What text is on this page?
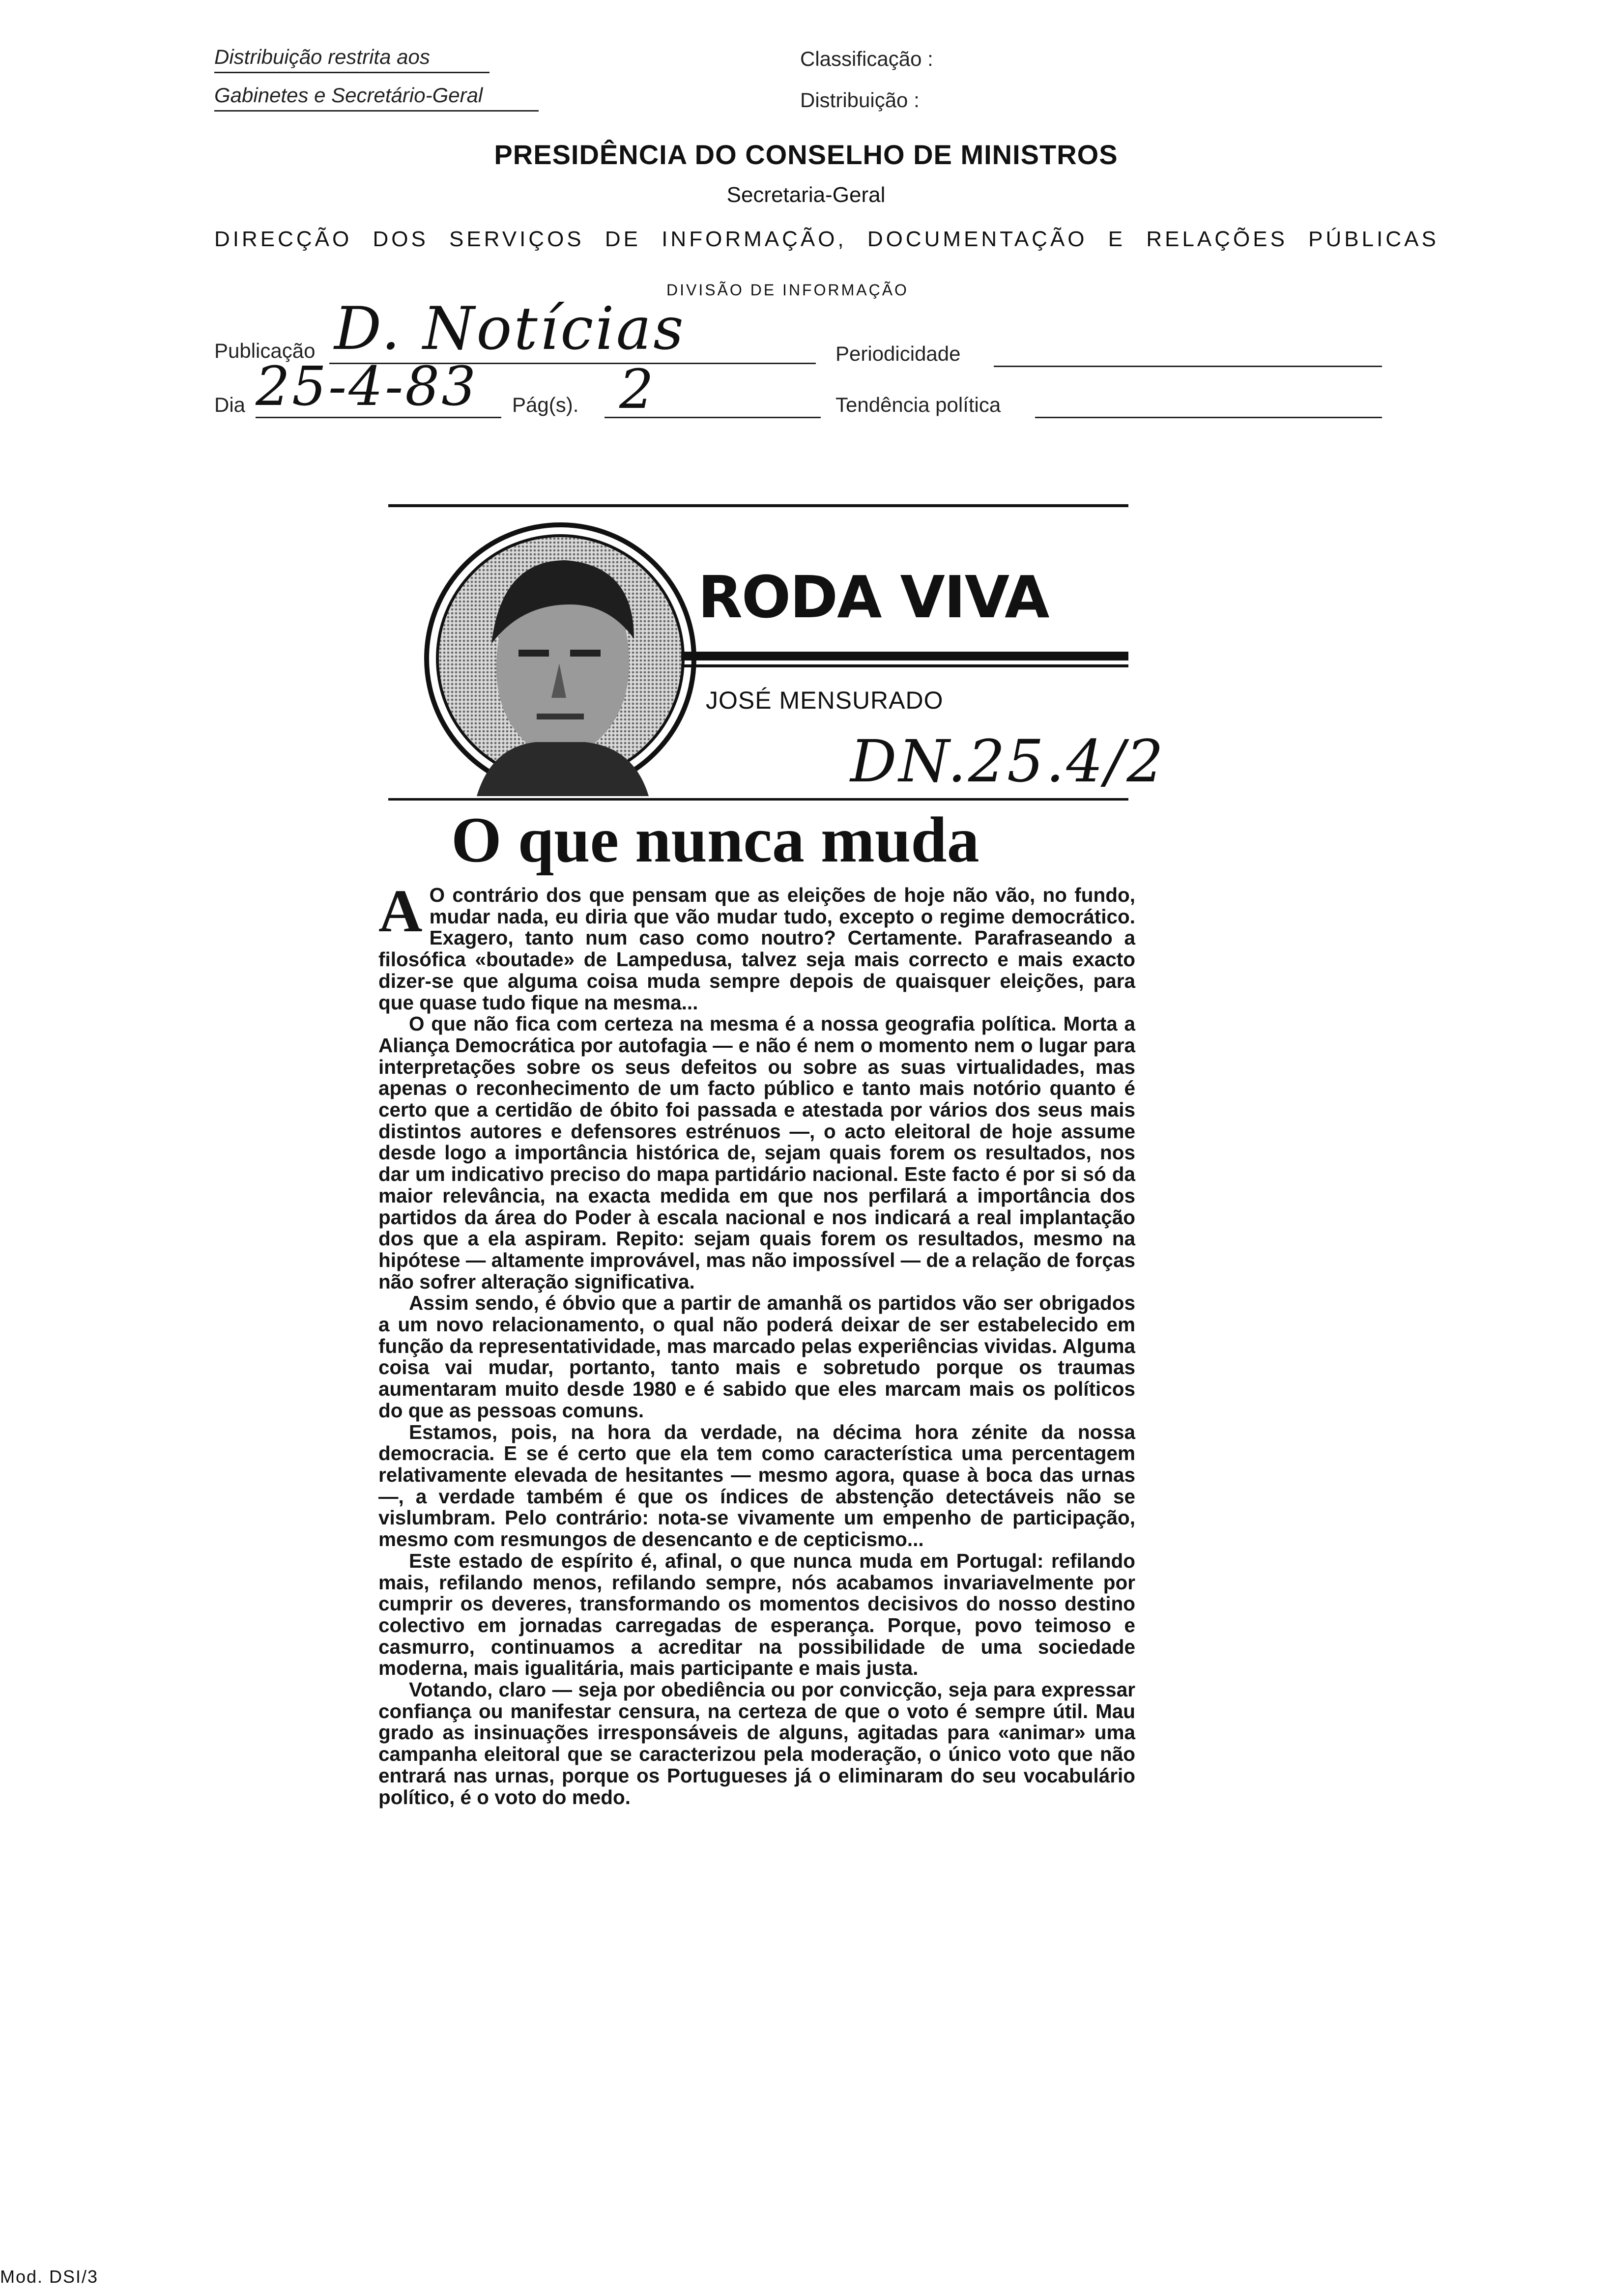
Distribuição restrita aos
Gabinetes e Secretário-Geral
Classificação :
Distribuição :
PRESIDÊNCIA DO CONSELHO DE MINISTROS
Secretaria-Geral
DIRECÇÃO DOS SERVIÇOS DE INFORMAÇÃO, DOCUMENTAÇÃO E RELAÇÕES PÚBLICAS
DIVISÃO DE INFORMAÇÃO
Publicação D. Notícias	Periodicidade
Dia 25-4-83 Pág(s). 2	Tendência política
RODA VIVA
JOSÉ MENSURADO
DN.25.4/2
O que nunca muda

A O contrário dos que pensam que as eleições de hoje não vão, no fundo, mudar nada, eu diria que vão mudar tudo, excepto o regime democrático. Exagero, tanto num caso como noutro? Certamente. Parafraseando a filosófica «boutade» de Lampedusa, talvez seja mais correcto e mais exacto dizer-se que alguma coisa muda sempre depois de quaisquer eleições, para que quase tudo fique na mesma...

O que não fica com certeza na mesma é a nossa geografia política. Morta a Aliança Democrática por autofagia — e não é nem o momento nem o lugar para interpretações sobre os seus defeitos ou sobre as suas virtualidades, mas apenas o reconhecimento de um facto público e tanto mais notório quanto é certo que a certidão de óbito foi passada e atestada por vários dos seus mais distintos autores e defensores estrénuos —, o acto eleitoral de hoje assume desde logo a importância histórica de, sejam quais forem os resultados, nos dar um indicativo preciso do mapa partidário nacional. Este facto é por si só da maior relevância, na exacta medida em que nos perfilará a importância dos partidos da área do Poder à escala nacional e nos indicará a real implantação dos que a ela aspiram. Repito: sejam quais forem os resultados, mesmo na hipótese — altamente improvável, mas não impossível — de a relação de forças não sofrer alteração significativa.

Assim sendo, é óbvio que a partir de amanhã os partidos vão ser obrigados a um novo relacionamento, o qual não poderá deixar de ser estabelecido em função da representatividade, mas marcado pelas experiências vividas. Alguma coisa vai mudar, portanto, tanto mais e sobretudo porque os traumas aumentaram muito desde 1980 e é sabido que eles marcam mais os políticos do que as pessoas comuns.

Estamos, pois, na hora da verdade, na décima hora zénite da nossa democracia. E se é certo que ela tem como característica uma percentagem relativamente elevada de hesitantes — mesmo agora, quase à boca das urnas —, a verdade também é que os índices de abstenção detectáveis não se vislumbram. Pelo contrário: nota-se vivamente um empenho de participação, mesmo com resmungos de desencanto e de cepticismo...

Este estado de espírito é, afinal, o que nunca muda em Portugal: refilando mais, refilando menos, refilando sempre, nós acabamos invariavelmente por cumprir os deveres, transformando os momentos decisivos do nosso destino colectivo em jornadas carregadas de esperança. Porque, povo teimoso e casmurro, continuamos a acreditar na possibilidade de uma sociedade moderna, mais igualitária, mais participante e mais justa.

Votando, claro — seja por obediência ou por convicção, seja para expressar confiança ou manifestar censura, na certeza de que o voto é sempre útil. Mau grado as insinuações irresponsáveis de alguns, agitadas para «animar» uma campanha eleitoral que se caracterizou pela moderação, o único voto que não entrará nas urnas, porque os Portugueses já o eliminaram do seu vocabulário político, é o voto do medo.

Mod. DSI/3
